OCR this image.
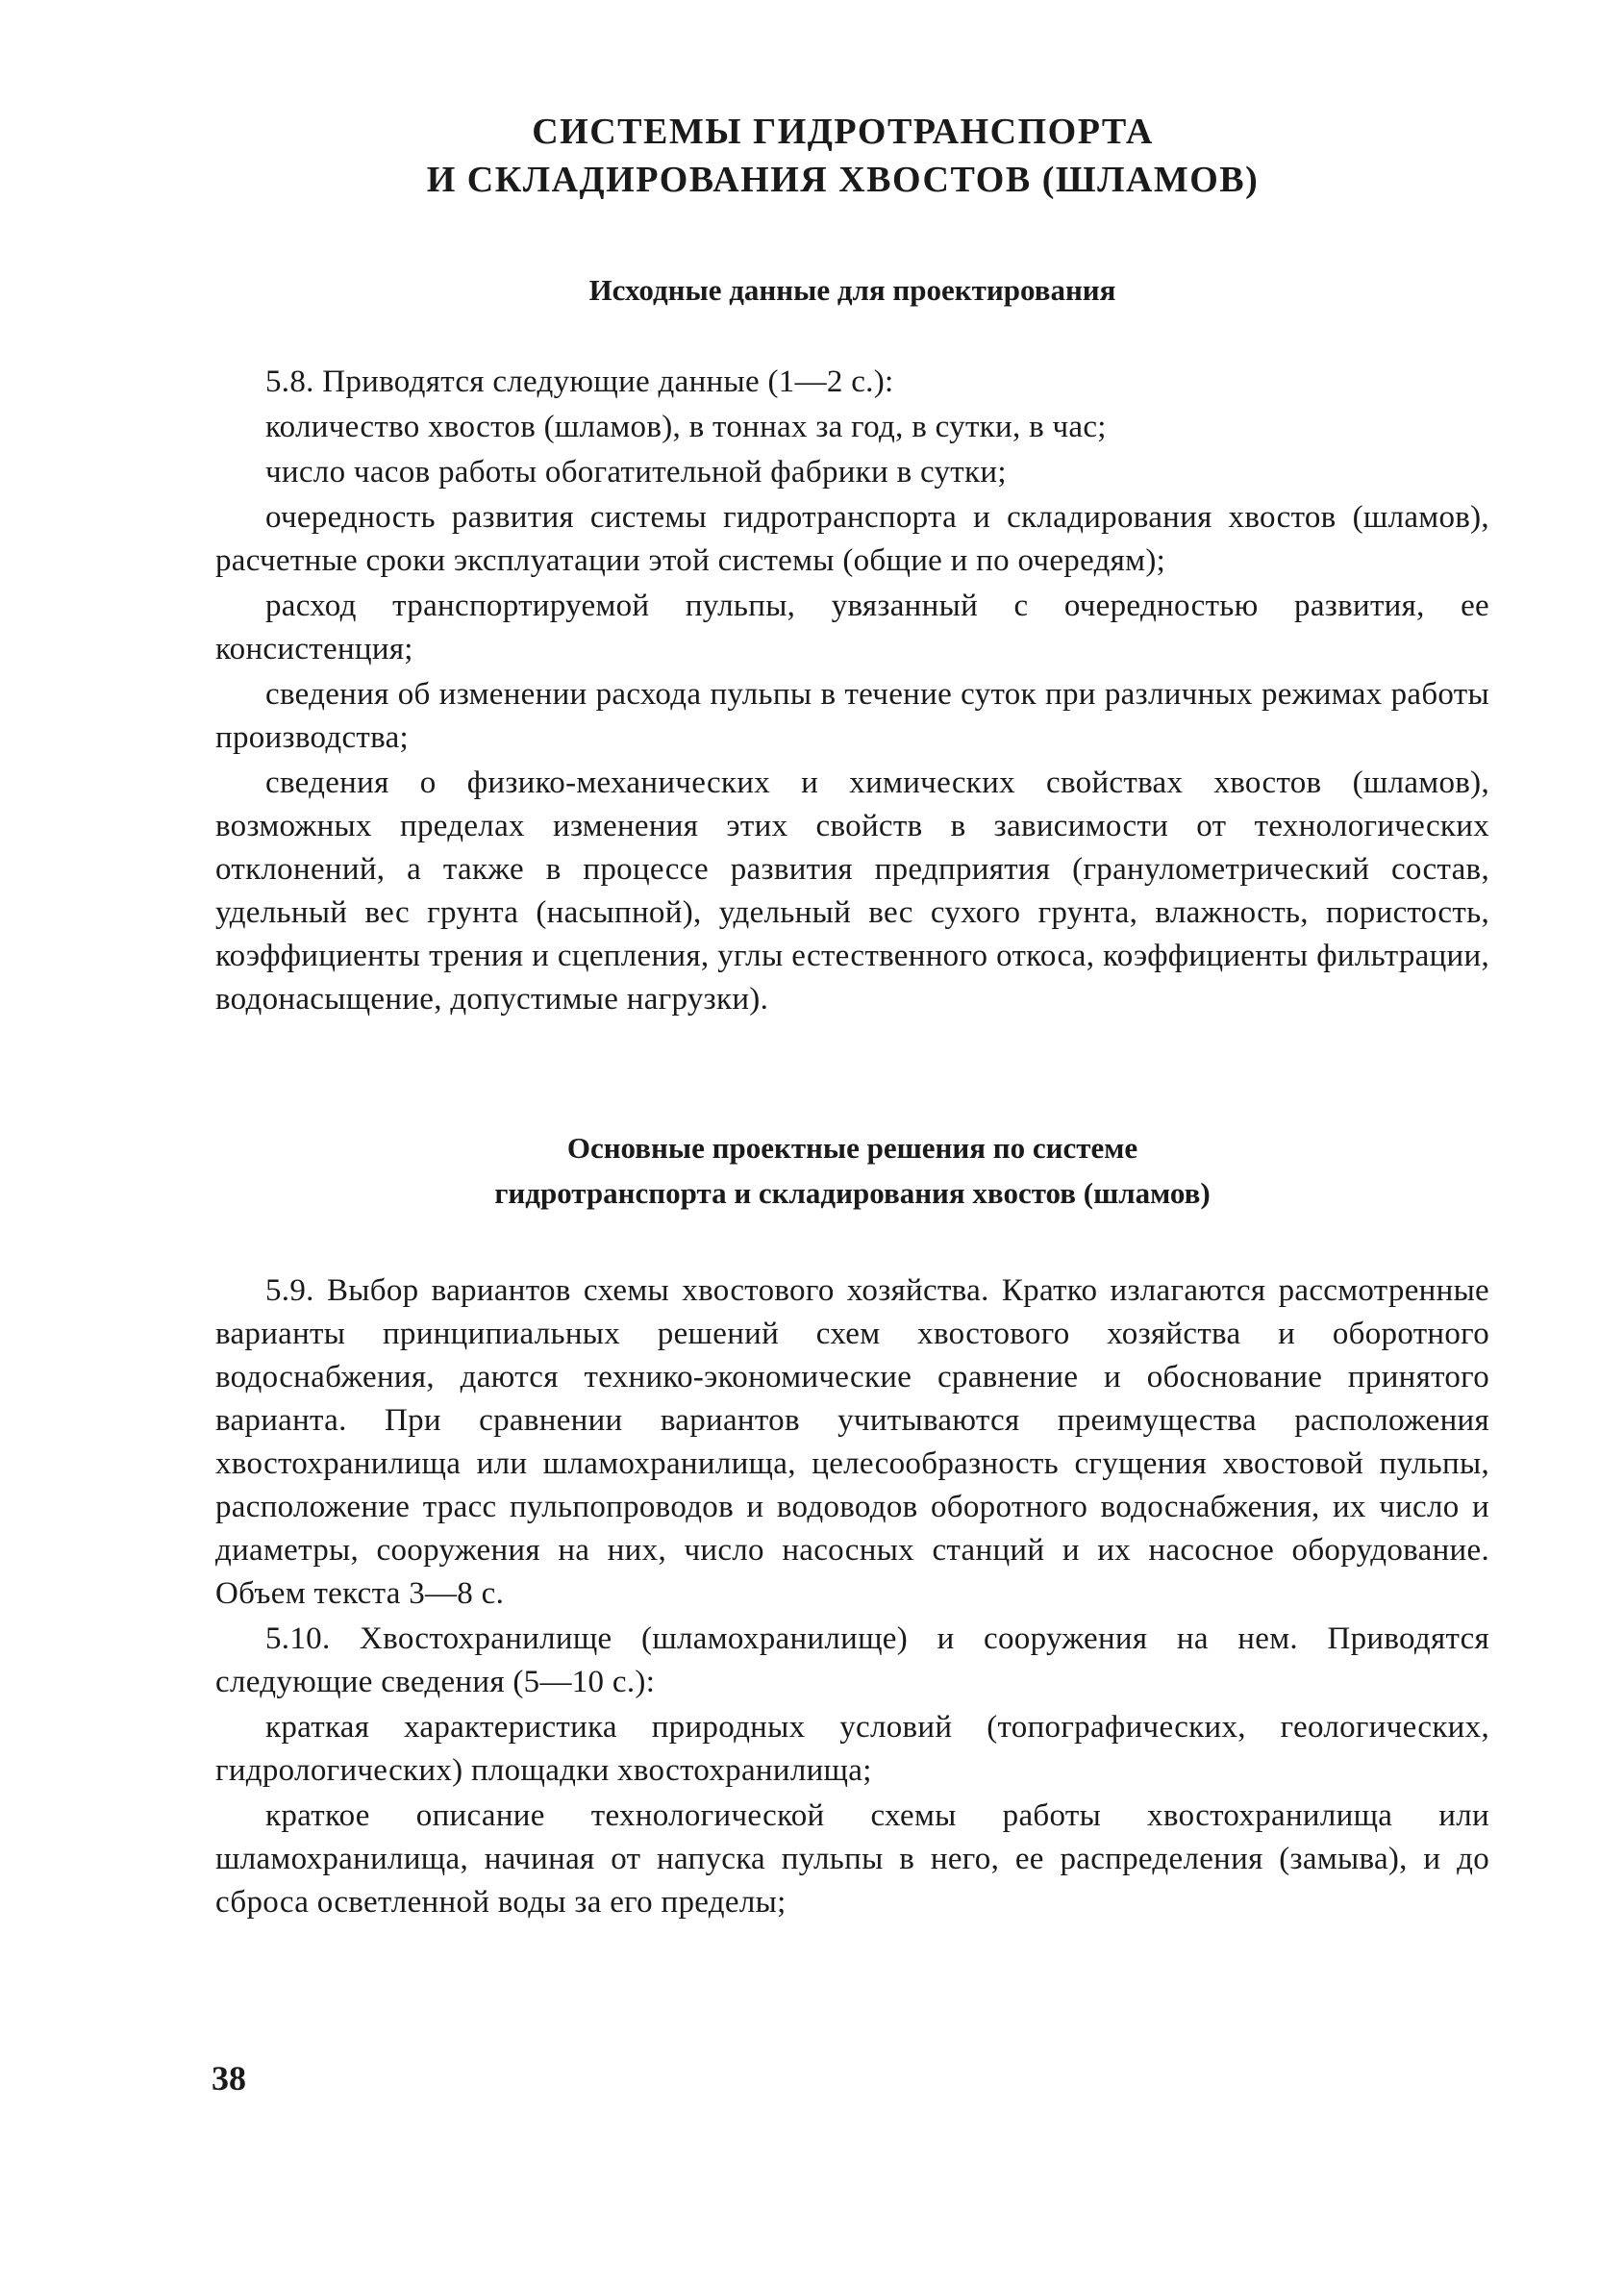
СИСТЕМЫ ГИДРОТРАНСПОРТА
И СКЛАДИРОВАНИЯ ХВОСТОВ (ШЛАМОВ)
Исходные данные для проектирования

5.8. Приводятся следующие данные (1—2 с.):

количество хвостов (шламов), в тоннах за год, в сутки, в час;

число часов работы обогатительной фабрики в сутки;

очередность развития системы гидротранспорта и складирования хвостов (шламов), расчетные сроки эксплуатации этой системы (общие и по очередям);

расход транспортируемой пульпы, увязанный с очередностью развития, ее консистенция;

сведения об изменении расхода пульпы в течение суток при различных режимах работы производства;

сведения о физико-механических и химических свойствах хвостов (шламов), возможных пределах изменения этих свойств в зависимости от технологических отклонений, а также в процессе развития предприятия (гранулометрический состав, удельный вес грунта (насыпной), удельный вес сухого грунта, влажность, пористость, коэффициенты трения и сцепления, углы естественного откоса, коэффициенты фильтрации, водонасыщение, допустимые нагрузки).

Основные проектные решения по системе
гидротранспорта и складирования хвостов (шламов)

5.9. Выбор вариантов схемы хвостового хозяйства. Кратко излагаются рассмотренные варианты принципиальных решений схем хвостового хозяйства и оборотного водоснабжения, даются технико-экономические сравнение и обоснование принятого варианта. При сравнении вариантов учитываются преимущества расположения хвостохранилища или шламохранилища, целесообразность сгущения хвостовой пульпы, расположение трасс пульпопроводов и водоводов оборотного водоснабжения, их число и диаметры, сооружения на них, число насосных станций и их насосное оборудование. Объем текста 3—8 с.

5.10. Хвостохранилище (шламохранилище) и сооружения на нем. Приводятся следующие сведения (5—10 с.):

краткая характеристика природных условий (топографических, геологических, гидрологических) площадки хвостохранилища;

краткое описание технологической схемы работы хвостохранилища или шламохранилища, начиная от напуска пульпы в него, ее распределения (замыва), и до сброса осветленной воды за его пределы;

38
